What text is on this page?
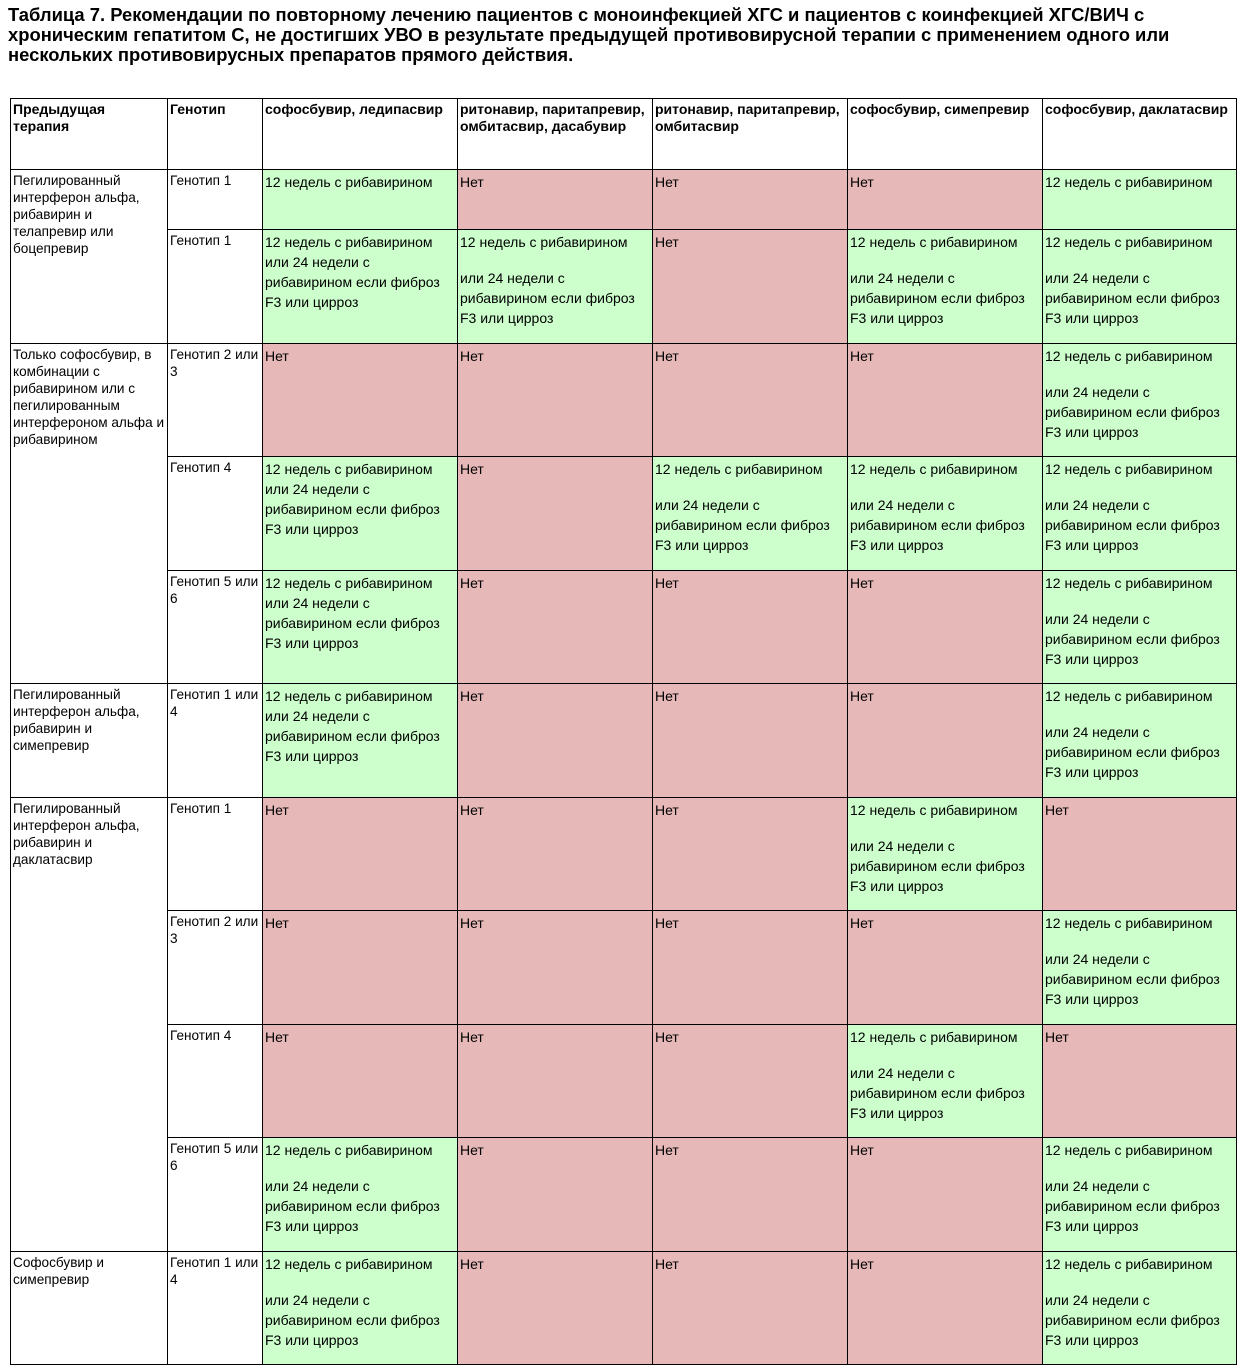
Таблица 7. Рекомендации по повторному лечению пациентов с моноинфекцией ХГС и пациентов с коинфекцией ХГС/ВИЧ с хроническим гепатитом С, не достигших УВО в результате предыдущей противовирусной терапии с применением одного или нескольких противовирусных препаратов прямого действия.
Предыдущая терапия	Генотип	софосбувир, ледипасвир	ритонавир, паритапревир, омбитасвир, дасабувир	ритонавир, паритапревир, омбитасвир	софосбувир, симепревир	софосбувир, даклатасвир
Пегилированный интерферон альфа, рибавирин и телапревир или боцепревир	Генотип 1	12 недель с рибавирином	Нет	Нет	Нет	12 недель с рибавирином
	Генотип 1	12 недель с рибавирином
или 24 недели с
рибавирином если фиброз
F3 или цирроз	12 недель с рибавирином
или 24 недели с
рибавирином если фиброз
F3 или цирроз	Нет	12 недель с рибавирином
или 24 недели с
рибавирином если фиброз
F3 или цирроз	12 недель с рибавирином
или 24 недели с
рибавирином если фиброз
F3 или цирроз

Только софосбувир, в комбинации с рибавирином или с пегилированным интерфероном альфа и рибавирином	Генотип 2 или 3	Нет	Нет	Нет	Нет	12 недель с рибавирином
или 24 недели с
рибавирином если фиброз
F3 или цирроз

	Генотип 4	12 недель с рибавирином
или 24 недели с
рибавирином если фиброз
F3 или цирроз	Нет	12 недель с рибавирином
или 24 недели с
рибавирином если фиброз
F3 или цирроз	12 недель с рибавирином
или 24 недели с
рибавирином если фиброз
F3 или цирроз	12 недель с рибавирином
или 24 недели с
рибавирином если фиброз
F3 или цирроз

	Генотип 5 или 6	12 недель с рибавирином
или 24 недели с
рибавирином если фиброз
F3 или цирроз	Нет	Нет	Нет	12 недель с рибавирином
или 24 недели с
рибавирином если фиброз
F3 или цирроз

Пегилированный интерферон альфа, рибавирин и симепревир	Генотип 1 или 4	12 недель с рибавирином
или 24 недели с
рибавирином если фиброз
F3 или цирроз	Нет	Нет	Нет	12 недель с рибавирином
или 24 недели с
рибавирином если фиброз
F3 или цирроз

Пегилированный интерферон альфа, рибавирин и даклатасвир	Генотип 1	Нет	Нет	Нет	12 недель с рибавирином
или 24 недели с
рибавирином если фиброз
F3 или цирроз	Нет
	Генотип 2 или 3	Нет	Нет	Нет	Нет	12 недель с рибавирином
или 24 недели с
рибавирином если фиброз
F3 или цирроз

	Генотип 4	Нет	Нет	Нет	12 недель с рибавирином
или 24 недели с
рибавирином если фиброз
F3 или цирроз	Нет
	Генотип 5 или 6	12 недель с рибавирином
или 24 недели с
рибавирином если фиброз
F3 или цирроз	Нет	Нет	Нет	12 недель с рибавирином
или 24 недели с
рибавирином если фиброз
F3 или цирроз

Софосбувир и симепревир	Генотип 1 или 4	12 недель с рибавирином
или 24 недели с
рибавирином если фиброз
F3 или цирроз	Нет	Нет	Нет	12 недель с рибавирином
или 24 недели с
рибавирином если фиброз
F3 или цирроз
